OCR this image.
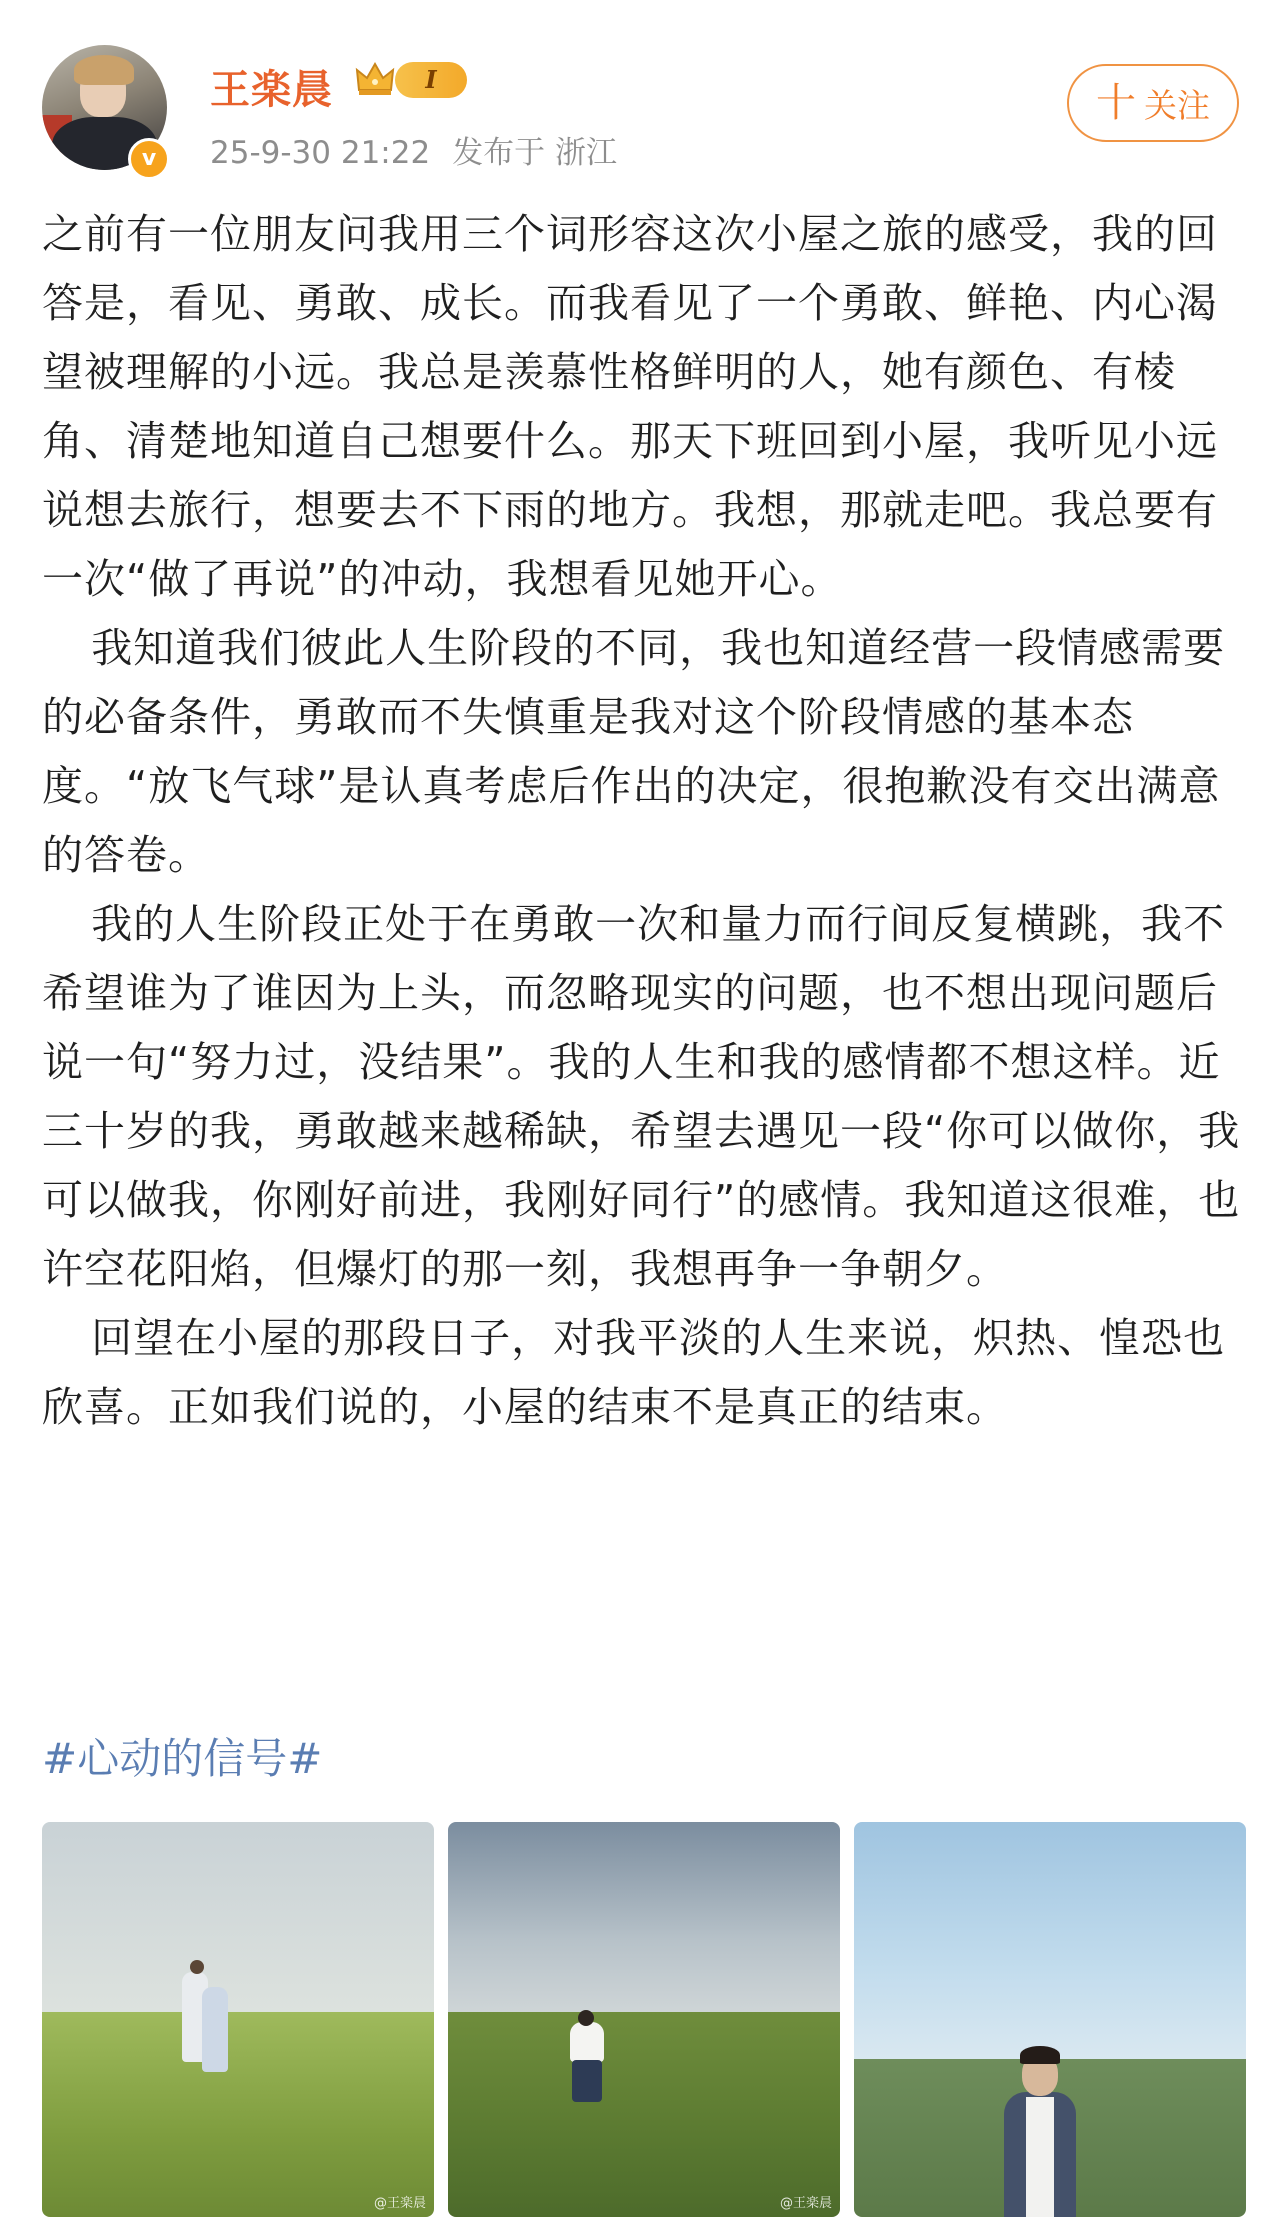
v
王楽晨	I
25-9-30 21:22 发布于 浙江
十 关注

之前有一位朋友问我用三个词形容这次小屋之旅的感受，我的回答是，看见、勇敢、成长。而我看见了一个勇敢、鲜艳、内心渴望被理解的小远。我总是羡慕性格鲜明的人，她有颜色、有棱角、清楚地知道自己想要什么。那天下班回到小屋，我听见小远说想去旅行，想要去不下雨的地方。我想，那就走吧。我总要有一次“做了再说”的冲动，我想看见她开心。

我知道我们彼此人生阶段的不同，我也知道经营一段情感需要的必备条件，勇敢而不失慎重是我对这个阶段情感的基本态度。“放飞气球”是认真考虑后作出的决定，很抱歉没有交出满意的答卷。

我的人生阶段正处于在勇敢一次和量力而行间反复横跳，我不希望谁为了谁因为上头，而忽略现实的问题，也不想出现问题后说一句“努力过，没结果”。我的人生和我的感情都不想这样。近三十岁的我，勇敢越来越稀缺，希望去遇见一段“你可以做你，我可以做我，你刚好前进，我刚好同行”的感情。我知道这很难，也许空花阳焰，但爆灯的那一刻，我想再争一争朝夕。

回望在小屋的那段日子，对我平淡的人生来说，炽热、惶恐也欣喜。正如我们说的，小屋的结束不是真正的结束。

#心动的信号#
@王楽晨	@王楽晨
